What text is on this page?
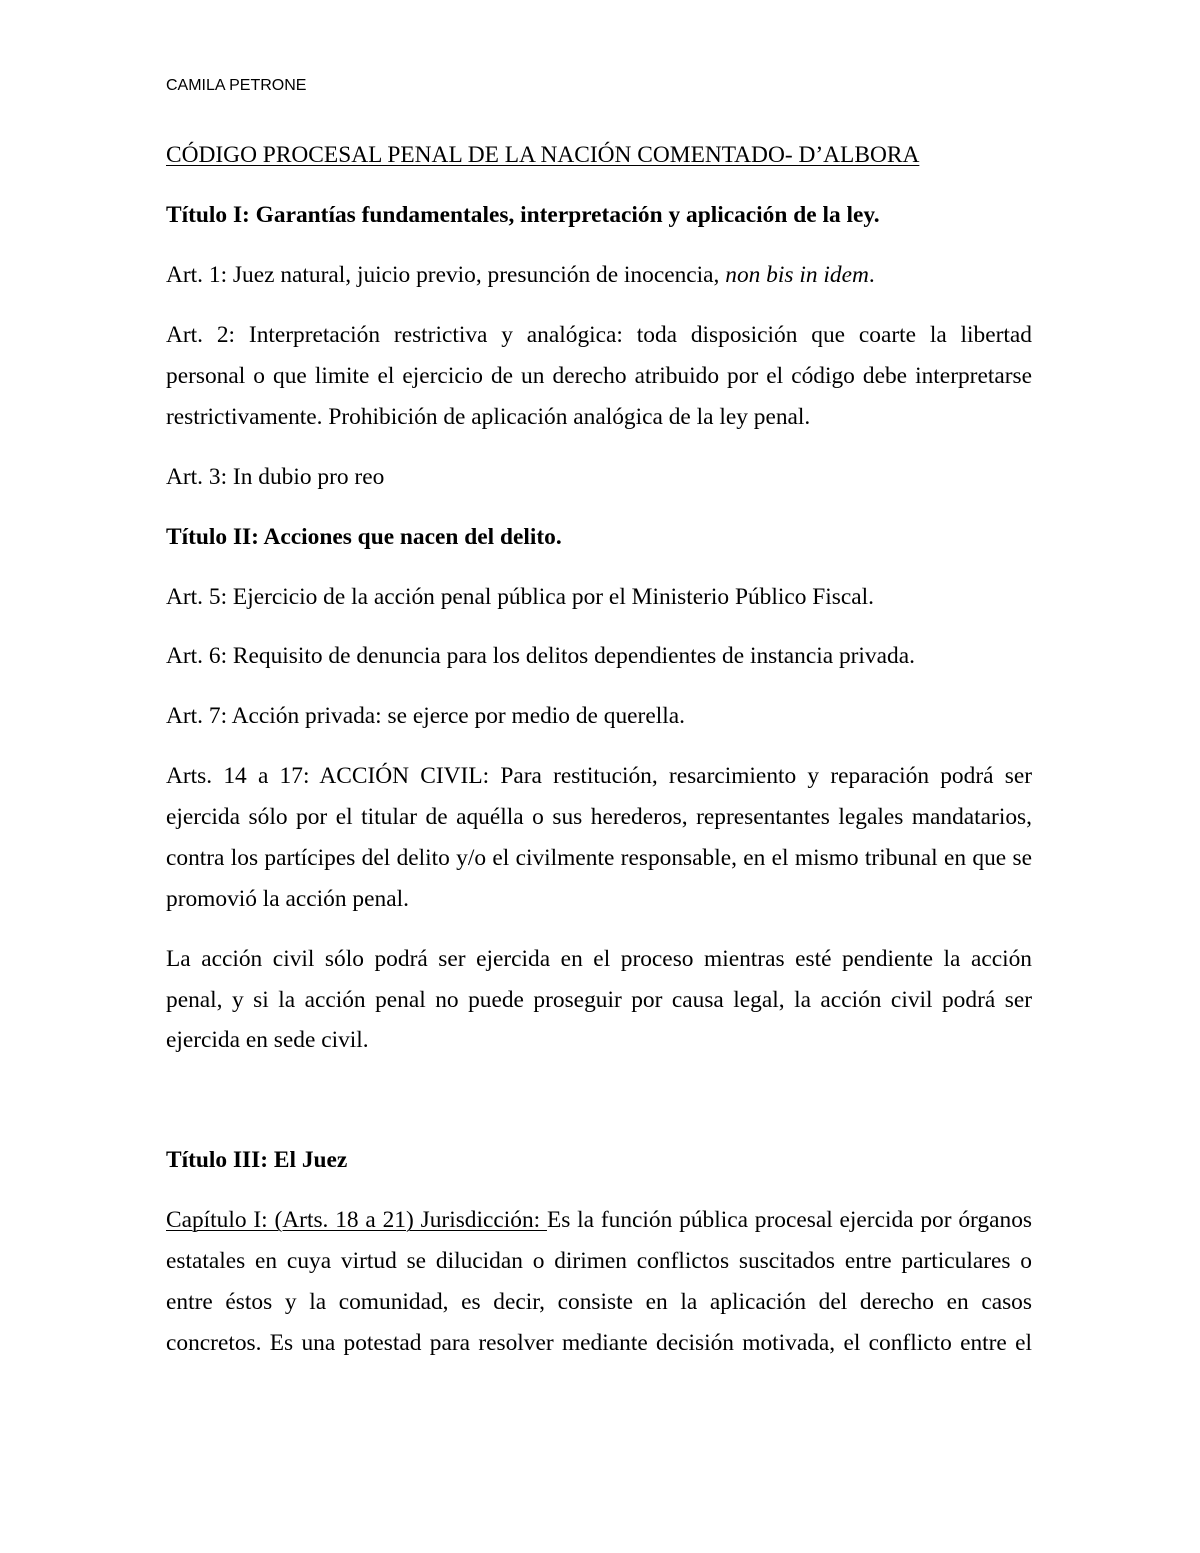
CAMILA PETRONE
CÓDIGO PROCESAL PENAL DE LA NACIÓN COMENTADO- D’ALBORA
Título I: Garantías fundamentales, interpretación y aplicación de la ley.
Art. 1: Juez natural, juicio previo, presunción de inocencia, non bis in idem.
Art. 2: Interpretación restrictiva y analógica: toda disposición que coarte la libertad
personal o que limite el ejercicio de un derecho atribuido por el código debe interpretarse
restrictivamente. Prohibición de aplicación analógica de la ley penal.
Art. 3: In dubio pro reo
Título II: Acciones que nacen del delito.
Art. 5: Ejercicio de la acción penal pública por el Ministerio Público Fiscal.
Art. 6: Requisito de denuncia para los delitos dependientes de instancia privada.
Art. 7: Acción privada: se ejerce por medio de querella.
Arts. 14 a 17: ACCIÓN CIVIL: Para restitución, resarcimiento y reparación podrá ser
ejercida sólo por el titular de aquélla o sus herederos, representantes legales mandatarios,
contra los partícipes del delito y/o el civilmente responsable, en el mismo tribunal en que se
promovió la acción penal.
La acción civil sólo podrá ser ejercida en el proceso mientras esté pendiente la acción
penal, y si la acción penal no puede proseguir por causa legal, la acción civil podrá ser
ejercida en sede civil.
Título III: El Juez
Capítulo I: (Arts. 18 a 21) Jurisdicción: Es la función pública procesal ejercida por órganos
estatales en cuya virtud se dilucidan o dirimen conflictos suscitados entre particulares o
entre éstos y la comunidad, es decir, consiste en la aplicación del derecho en casos
concretos. Es una potestad para resolver mediante decisión motivada, el conflicto entre el
